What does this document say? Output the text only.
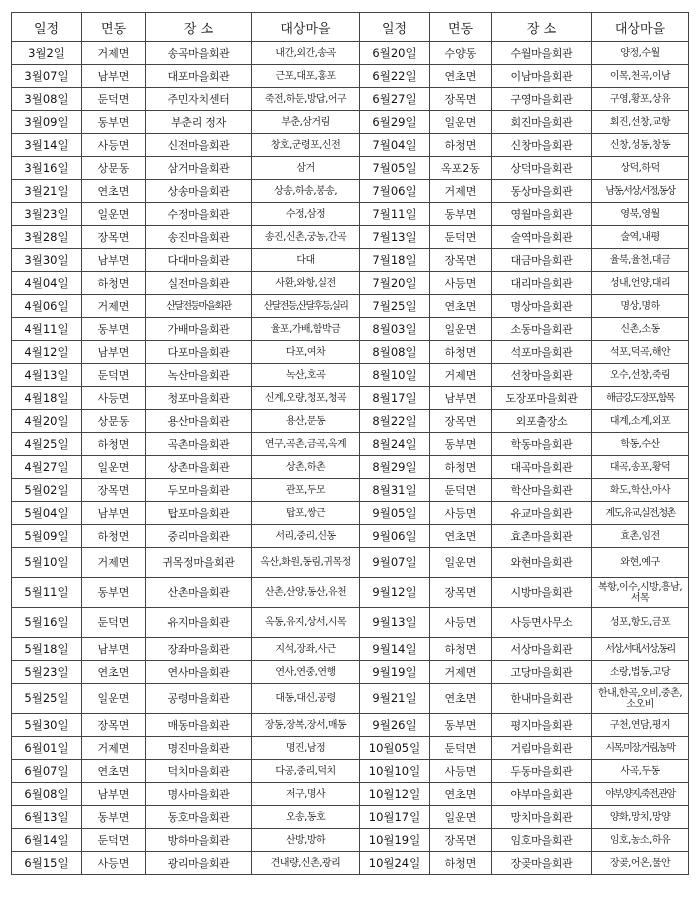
일정	면동	장 소	대상마을	일정	면동	장 소	대상마을
3월2일	거제면	송곡마을회관	내간,외간,송곡	6월20일	수양동	수월마을회관	양정,수월
3월07일	남부면	대포마을회관	근포,대포,홍포	6월22일	연초면	이남마을회관	이목,천곡,이남
3월08일	둔덕면	주민자치센터	죽전,하둔,방답,어구	6월27일	장목면	구영마을회관	구영,황포,상유
3월09일	동부면	부춘리 정자	부춘,삼거림	6월29일	일운면	회진마을회관	회진,선창,교항
3월14일	사등면	신전마을회관	창호,군령포,신전	7월04일	하청면	신창마을회관	신창,성동,창동
3월16일	상문동	삼거마을회관	삼거	7월05일	옥포2동	상덕마을회관	상덕,하덕
3월21일	연초면	상송마을회관	상송,하송,봉송,	7월06일	거제면	동상마을회관	남동,서상,서정,동상
3월23일	일운면	수정마을회관	수정,삼정	7월11일	동부면	영월마을회관	영북,영월
3월28일	장목면	송진마을회관	송진,신촌,궁농,간곡	7월13일	둔덕면	술역마을회관	술역,내평
3월30일	남부면	다대마을회관	다대	7월18일	장목면	대금마을회관	율북,율천,대금
4월04일	하청면	실전마을회관	사환,와항,실전	7월20일	사등면	대리마을회관	성내,언양,대리
4월06일	거제면	산달전등마을회관	산달전등,산달후등,실리	7월25일	연초면	명상마을회관	명상,명하
4월11일	동부면	가배마을회관	율포,가배,함박금	8월03일	일운면	소동마을회관	신촌,소동
4월12일	남부면	다포마을회관	다포,여차	8월08일	하청면	석포마을회관	석포,덕곡,해안
4월13일	둔덕면	녹산마을회관	녹산,호곡	8월10일	거제면	선창마을회관	오수,선창,죽림
4월18일	사등면	청포마을회관	신계,오량,청포,청곡	8월17일	남부면	도장포마을회관	해금강,도장포,함목
4월20일	상문동	용산마을회관	용산,문동	8월22일	장목면	외포출장소	대계,소계,외포
4월25일	하청면	곡촌마을회관	연구,곡촌,금곡,옥계	8월24일	동부면	학동마을회관	학동,수산
4월27일	일운면	상촌마을회관	상촌,하촌	8월29일	하청면	대곡마을회관	대곡,송포,황덕
5월02일	장목면	두모마을회관	관포,두모	8월31일	둔덕면	학산마을회관	화도,학산,아사
5월04일	남부면	탑포마을회관	탑포,쌍근	9월05일	사등면	유교마을회관	계도,유교,실전,청촌
5월09일	하청면	중리마을회관	서리,중리,신동	9월06일	연초면	효촌마을회관	효촌,임전
5월10일	거제면	귀목정마을회관	옥산,화원,동림,귀목정	9월07일	일운면	와현마을회관	와현,예구
5월11일	동부면	산촌마을회관	산촌,산양,동산,유천	9월12일	장목면	시방마을회관	복항,이수,시방,흥남,서목
5월16일	둔덕면	유지마을회관	옥동,유지,상서,시목	9월13일	사등면	사등면사무소	성포,항도,금포
5월18일	남부면	장좌마을회관	지석,장좌,사근	9월14일	하청면	서상마을회관	서상,서대,서상,동리
5월23일	연초면	연사마을회관	연사,연중,연행	9월19일	거제면	고당마을회관	소랑,법동,고당
5월25일	일운면	공령마을회관	대동,대신,공령	9월21일	연초면	한내마을회관	한내,한곡,오비,중촌,소오비
5월30일	장목면	매동마을회관	장동,장복,장서,매동	9월26일	동부면	평지마을회관	구천,연담,평지
6월01일	거제면	명진마을회관	명진,남정	10월05일	둔덕면	거림마을회관	시목,미장,거림,농막
6월07일	연초면	덕치마을회관	다공,중리,덕치	10월10일	사등면	두동마을회관	사곡,두동
6월08일	남부면	명사마을회관	저구,명사	10월12일	연초면	야부마을회관	야부,양지,죽전,관암
6월13일	동부면	동호마을회관	오송,동호	10월17일	일운면	망치마을회관	양화,망치,망양
6월14일	둔덕면	방하마을회관	산방,방하	10월19일	장목면	임호마을회관	임호,농소,하유
6월15일	사등면	광리마을회관	견내량,신촌,광리	10월24일	하청면	장곶마을회관	장곶,어온,물안
